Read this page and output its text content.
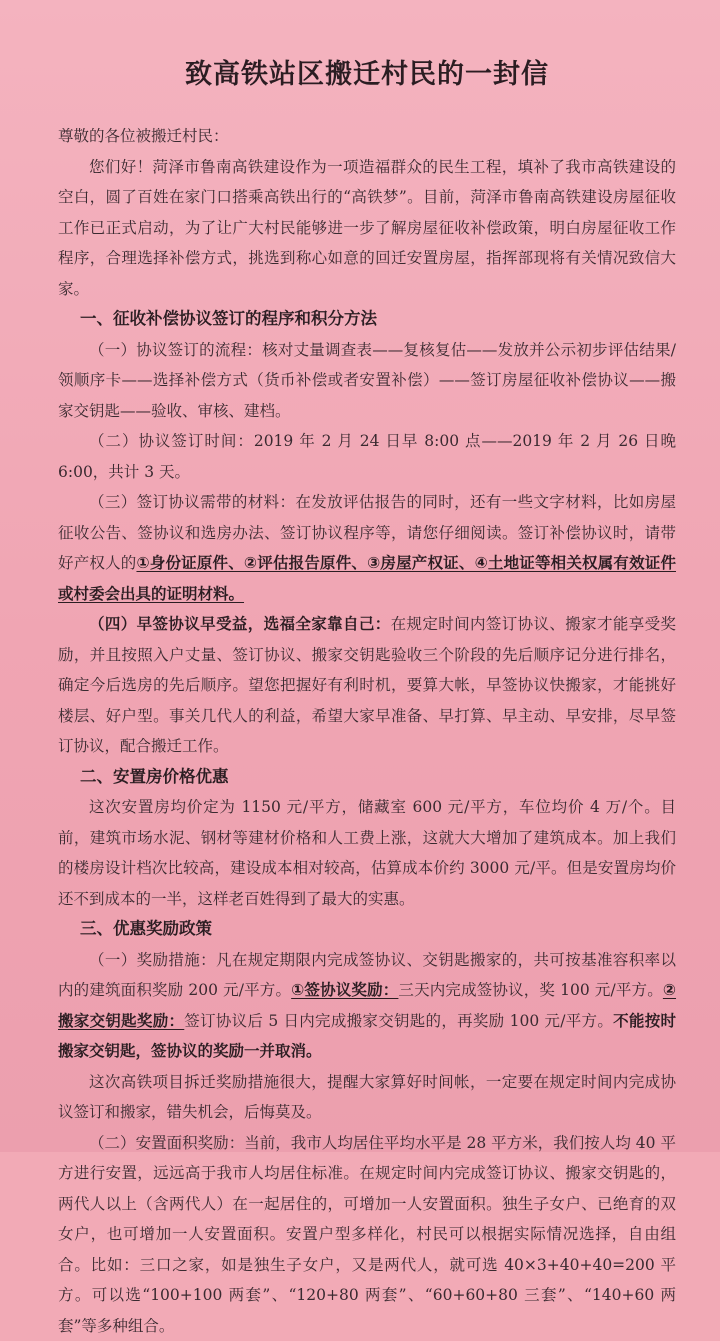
致高铁站区搬迁村民的一封信

尊敬的各位被搬迁村民：

您们好！菏泽市鲁南高铁建设作为一项造福群众的民生工程，填补了我市高铁建设的空白，圆了百姓在家门口搭乘高铁出行的“高铁梦”。目前，菏泽市鲁南高铁建设房屋征收工作已正式启动，为了让广大村民能够进一步了解房屋征收补偿政策，明白房屋征收工作程序，合理选择补偿方式，挑选到称心如意的回迁安置房屋，指挥部现将有关情况致信大家。

一、征收补偿协议签订的程序和积分方法

（一）协议签订的流程：核对丈量调查表——复核复估——发放并公示初步评估结果/领顺序卡——选择补偿方式（货币补偿或者安置补偿）——签订房屋征收补偿协议——搬家交钥匙——验收、审核、建档。

（二）协议签订时间：2019 年 2 月 24 日早 8:00 点——2019 年 2 月 26 日晚 6:00，共计 3 天。

（三）签订协议需带的材料：在发放评估报告的同时，还有一些文字材料，比如房屋征收公告、签协议和选房办法、签订协议程序等，请您仔细阅读。签订补偿协议时，请带好产权人的①身份证原件、②评估报告原件、③房屋产权证、④土地证等相关权属有效证件或村委会出具的证明材料。

（四）早签协议早受益，选福全家靠自己：在规定时间内签订协议、搬家才能享受奖励，并且按照入户丈量、签订协议、搬家交钥匙验收三个阶段的先后顺序记分进行排名，确定今后选房的先后顺序。望您把握好有利时机，要算大帐，早签协议快搬家，才能挑好楼层、好户型。事关几代人的利益，希望大家早准备、早打算、早主动、早安排，尽早签订协议，配合搬迁工作。

二、安置房价格优惠

这次安置房均价定为 1150 元/平方，储藏室 600 元/平方，车位均价 4 万/个。目前，建筑市场水泥、钢材等建材价格和人工费上涨，这就大大增加了建筑成本。加上我们的楼房设计档次比较高，建设成本相对较高，估算成本价约 3000 元/平。但是安置房均价还不到成本的一半，这样老百姓得到了最大的实惠。

三、优惠奖励政策

（一）奖励措施：凡在规定期限内完成签协议、交钥匙搬家的，共可按基准容积率以内的建筑面积奖励 200 元/平方。①签协议奖励：三天内完成签协议，奖 100 元/平方。②搬家交钥匙奖励：签订协议后 5 日内完成搬家交钥匙的，再奖励 100 元/平方。不能按时搬家交钥匙，签协议的奖励一并取消。

这次高铁项目拆迁奖励措施很大，提醒大家算好时间帐，一定要在规定时间内完成协议签订和搬家，错失机会，后悔莫及。

（二）安置面积奖励：当前，我市人均居住平均水平是 28 平方米，我们按人均 40 平方进行安置，远远高于我市人均居住标准。在规定时间内完成签订协议、搬家交钥匙的，两代人以上（含两代人）在一起居住的，可增加一人安置面积。独生子女户、已绝育的双女户，也可增加一人安置面积。安置户型多样化，村民可以根据实际情况选择，自由组合。比如：三口之家，如是独生子女户，又是两代人，就可选 40×3+40+40=200 平方。可以选“100+100 两套”、“120+80 两套”、“60+60+80 三套”、“140+60 两套”等多种组合。
